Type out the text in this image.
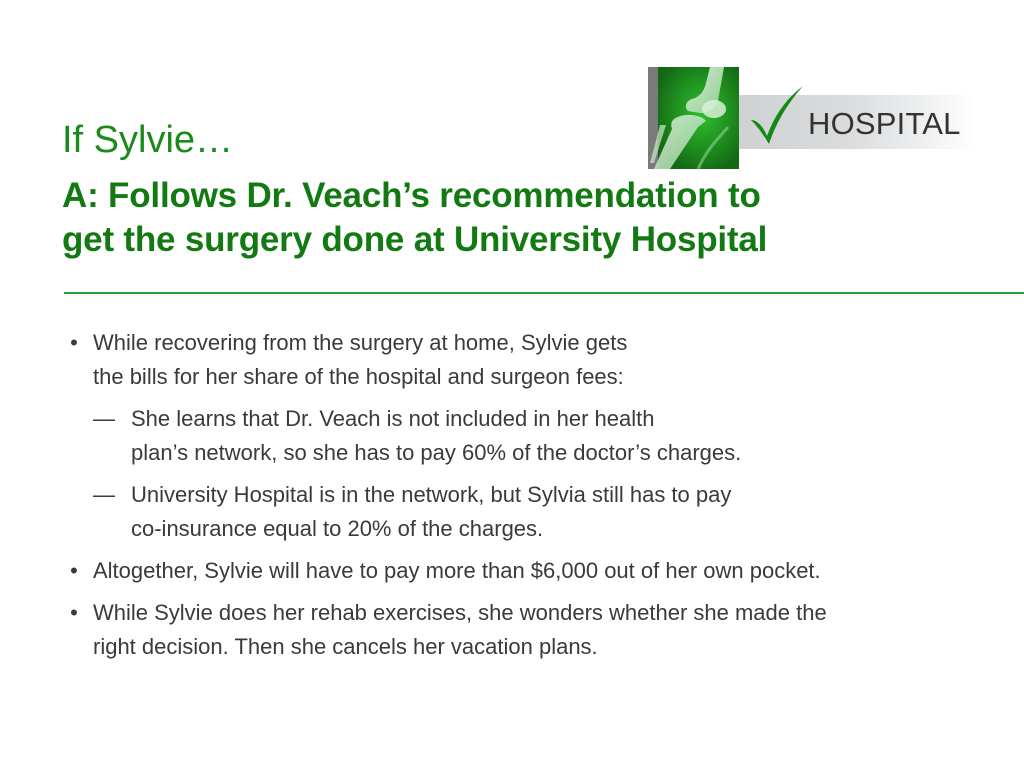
HOSPITAL
If Sylvie…
A: Follows Dr. Veach’s recommendation to
get the surgery done at University Hospital
• While recovering from the surgery at home, Sylvie gets
the bills for her share of the hospital and surgeon fees:
— She learns that Dr. Veach is not included in her health
plan’s network, so she has to pay 60% of the doctor’s charges.
— University Hospital is in the network, but Sylvia still has to pay
co-insurance equal to 20% of the charges.
• Altogether, Sylvie will have to pay more than $6,000 out of her own pocket.
• While Sylvie does her rehab exercises, she wonders whether she made the
right decision. Then she cancels her vacation plans.
